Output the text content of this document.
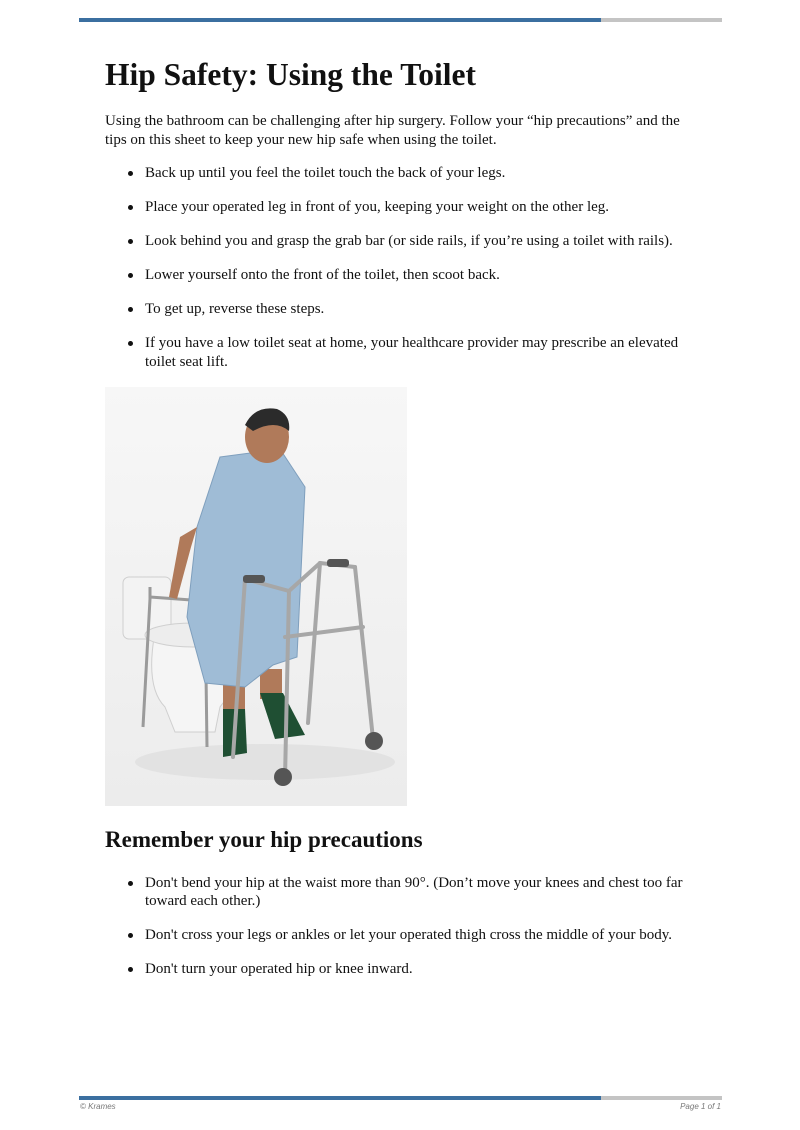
Hip Safety: Using the Toilet

Using the bathroom can be challenging after hip surgery. Follow your “hip precautions” and the tips on this sheet to keep your new hip safe when using the toilet.

Back up until you feel the toilet touch the back of your legs.
Place your operated leg in front of you, keeping your weight on the other leg.
Look behind you and grasp the grab bar (or side rails, if you’re using a toilet with rails).
Lower yourself onto the front of the toilet, then scoot back.
To get up, reverse these steps.
If you have a low toilet seat at home, your healthcare provider may prescribe an elevated toilet seat lift.
Remember your hip precautions
Don't bend your hip at the waist more than 90°. (Don’t move your knees and chest too far toward each other.)
Don't cross your legs or ankles or let your operated thigh cross the middle of your body.
Don't turn your operated hip or knee inward.
© Krames	Page 1 of 1
